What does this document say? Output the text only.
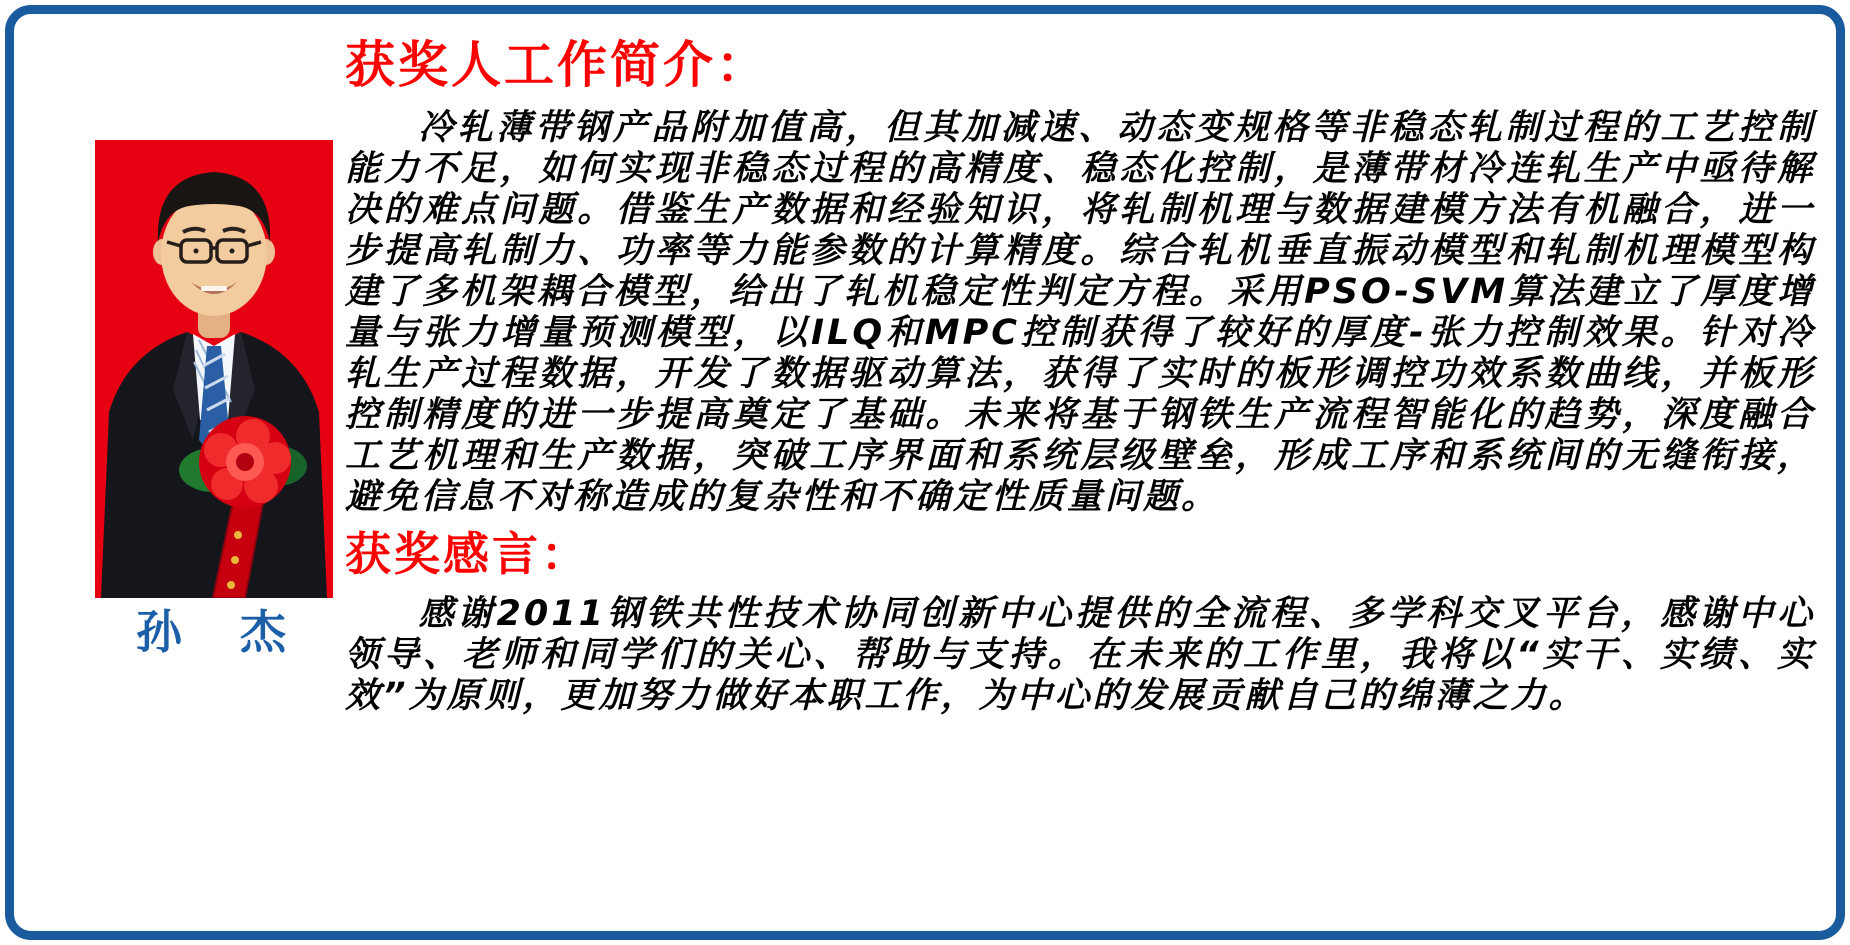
孙　杰
获奖人工作简介：

冷轧薄带钢产品附加值高，但其加减速、动态变规格等非稳态轧制过程的工艺控制能力不足，如何实现非稳态过程的高精度、稳态化控制，是薄带材冷连轧生产中亟待解决的难点问题。借鉴生产数据和经验知识，将轧制机理与数据建模方法有机融合，进一步提高轧制力、功率等力能参数的计算精度。综合轧机垂直振动模型和轧制机理模型构建了多机架耦合模型，给出了轧机稳定性判定方程。采用PSO-SVM算法建立了厚度增量与张力增量预测模型，以ILQ和MPC控制获得了较好的厚度-张力控制效果。针对冷轧生产过程数据，开发了数据驱动算法，获得了实时的板形调控功效系数曲线，并板形控制精度的进一步提高奠定了基础。未来将基于钢铁生产流程智能化的趋势，深度融合工艺机理和生产数据，突破工序界面和系统层级壁垒，形成工序和系统间的无缝衔接，避免信息不对称造成的复杂性和不确定性质量问题。

获奖感言：

感谢2011钢铁共性技术协同创新中心提供的全流程、多学科交叉平台，感谢中心领导、老师和同学们的关心、帮助与支持。在未来的工作里，我将以“实干、实绩、实效”为原则，更加努力做好本职工作，为中心的发展贡献自己的绵薄之力。
